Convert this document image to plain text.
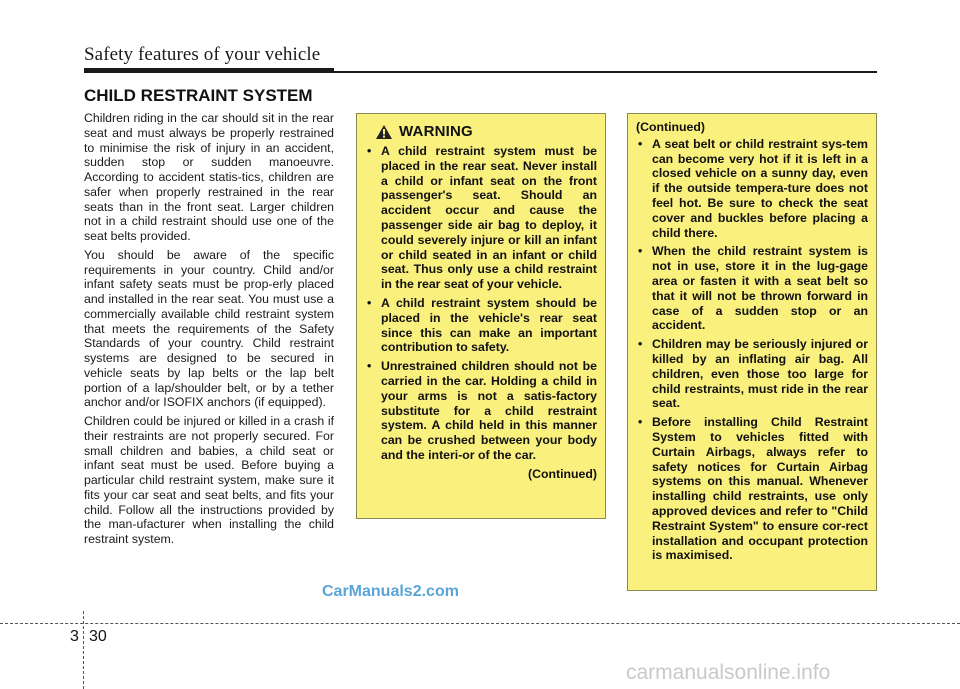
Safety features of your vehicle
CHILD RESTRAINT SYSTEM

Children riding in the car should sit in the rear seat and must always be properly restrained to minimise the risk of injury in an accident, sudden stop or sudden manoeuvre. According to accident statis-tics, children are safer when properly restrained in the rear seats than in the front seat. Larger children not in a child restraint should use one of the seat belts provided.

You should be aware of the specific requirements in your country. Child and/or infant safety seats must be prop-erly placed and installed in the rear seat. You must use a commercially available child restraint system that meets the requirements of the Safety Standards of your country. Child restraint systems are designed to be secured in vehicle seats by lap belts or the lap belt portion of a lap/shoulder belt, or by a tether anchor and/or ISOFIX anchors (if equipped).

Children could be injured or killed in a crash if their restraints are not properly secured. For small children and babies, a child seat or infant seat must be used. Before buying a particular child restraint system, make sure it fits your car seat and seat belts, and fits your child. Follow all the instructions provided by the man-ufacturer when installing the child restraint system.

WARNING
• A child restraint system must be placed in the rear seat. Never install a child or infant seat on the front passenger's seat. Should an accident occur and cause the passenger side air bag to deploy, it could severely injure or kill an infant or child seated in an infant or child seat. Thus only use a child restraint in the rear seat of your vehicle.
• A child restraint system should be placed in the vehicle's rear seat since this can make an important contribution to safety.
• Unrestrained children should not be carried in the car. Holding a child in your arms is not a satis-factory substitute for a child restraint system. A child held in this manner can be crushed between your body and the interi-or of the car.
(Continued)
(Continued)
• A seat belt or child restraint sys-tem can become very hot if it is left in a closed vehicle on a sunny day, even if the outside tempera-ture does not feel hot. Be sure to check the seat cover and buckles before placing a child there.
• When the child restraint system is not in use, store it in the lug-gage area or fasten it with a seat belt so that it will not be thrown forward in case of a sudden stop or an accident.
• Children may be seriously injured or killed by an inflating air bag. All children, even those too large for child restraints, must ride in the rear seat.
• Before installing Child Restraint System to vehicles fitted with Curtain Airbags, always refer to safety notices for Curtain Airbag systems on this manual. Whenever installing child restraints, use only approved devices and refer to "Child Restraint System" to ensure cor-rect installation and occupant protection is maximised.
CarManuals2.com
3 30
carmanualsonline.info
